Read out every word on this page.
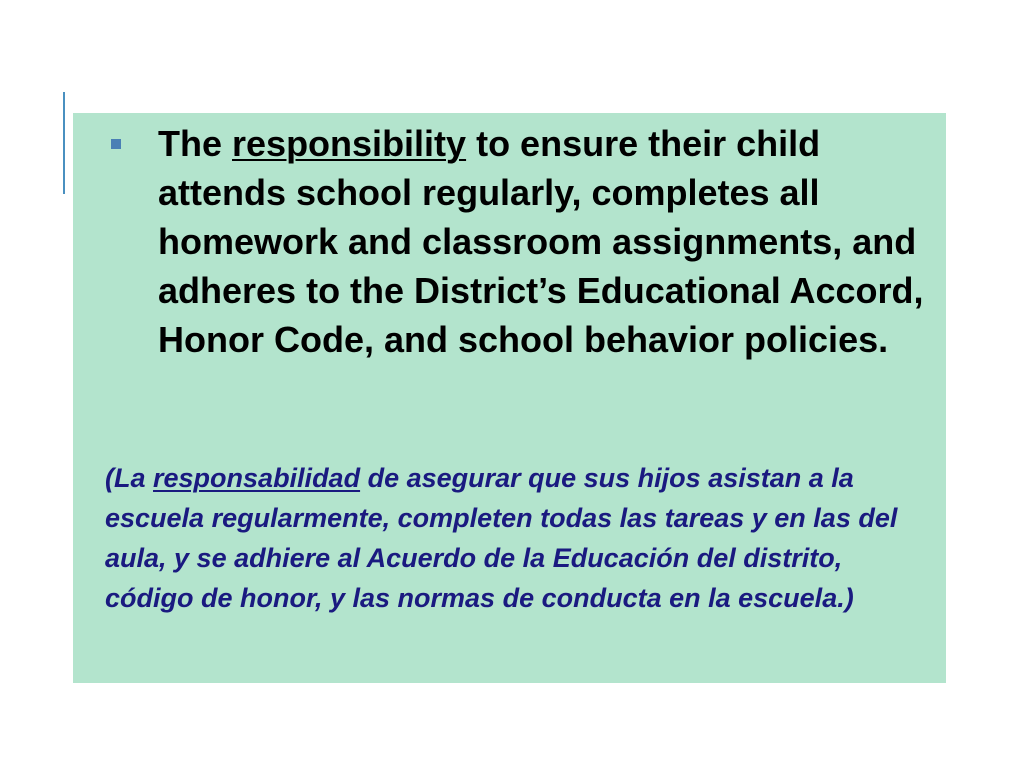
The responsibility to ensure their child attends school regularly, completes all homework and classroom assignments, and adheres to the District’s Educational Accord, Honor Code, and school behavior policies.

(La responsabilidad de asegurar que sus hijos asistan a la escuela regularmente, completen todas las tareas y en las del aula, y se adhiere al Acuerdo de la Educación del distrito, código de honor, y las normas de conducta en la escuela.)
